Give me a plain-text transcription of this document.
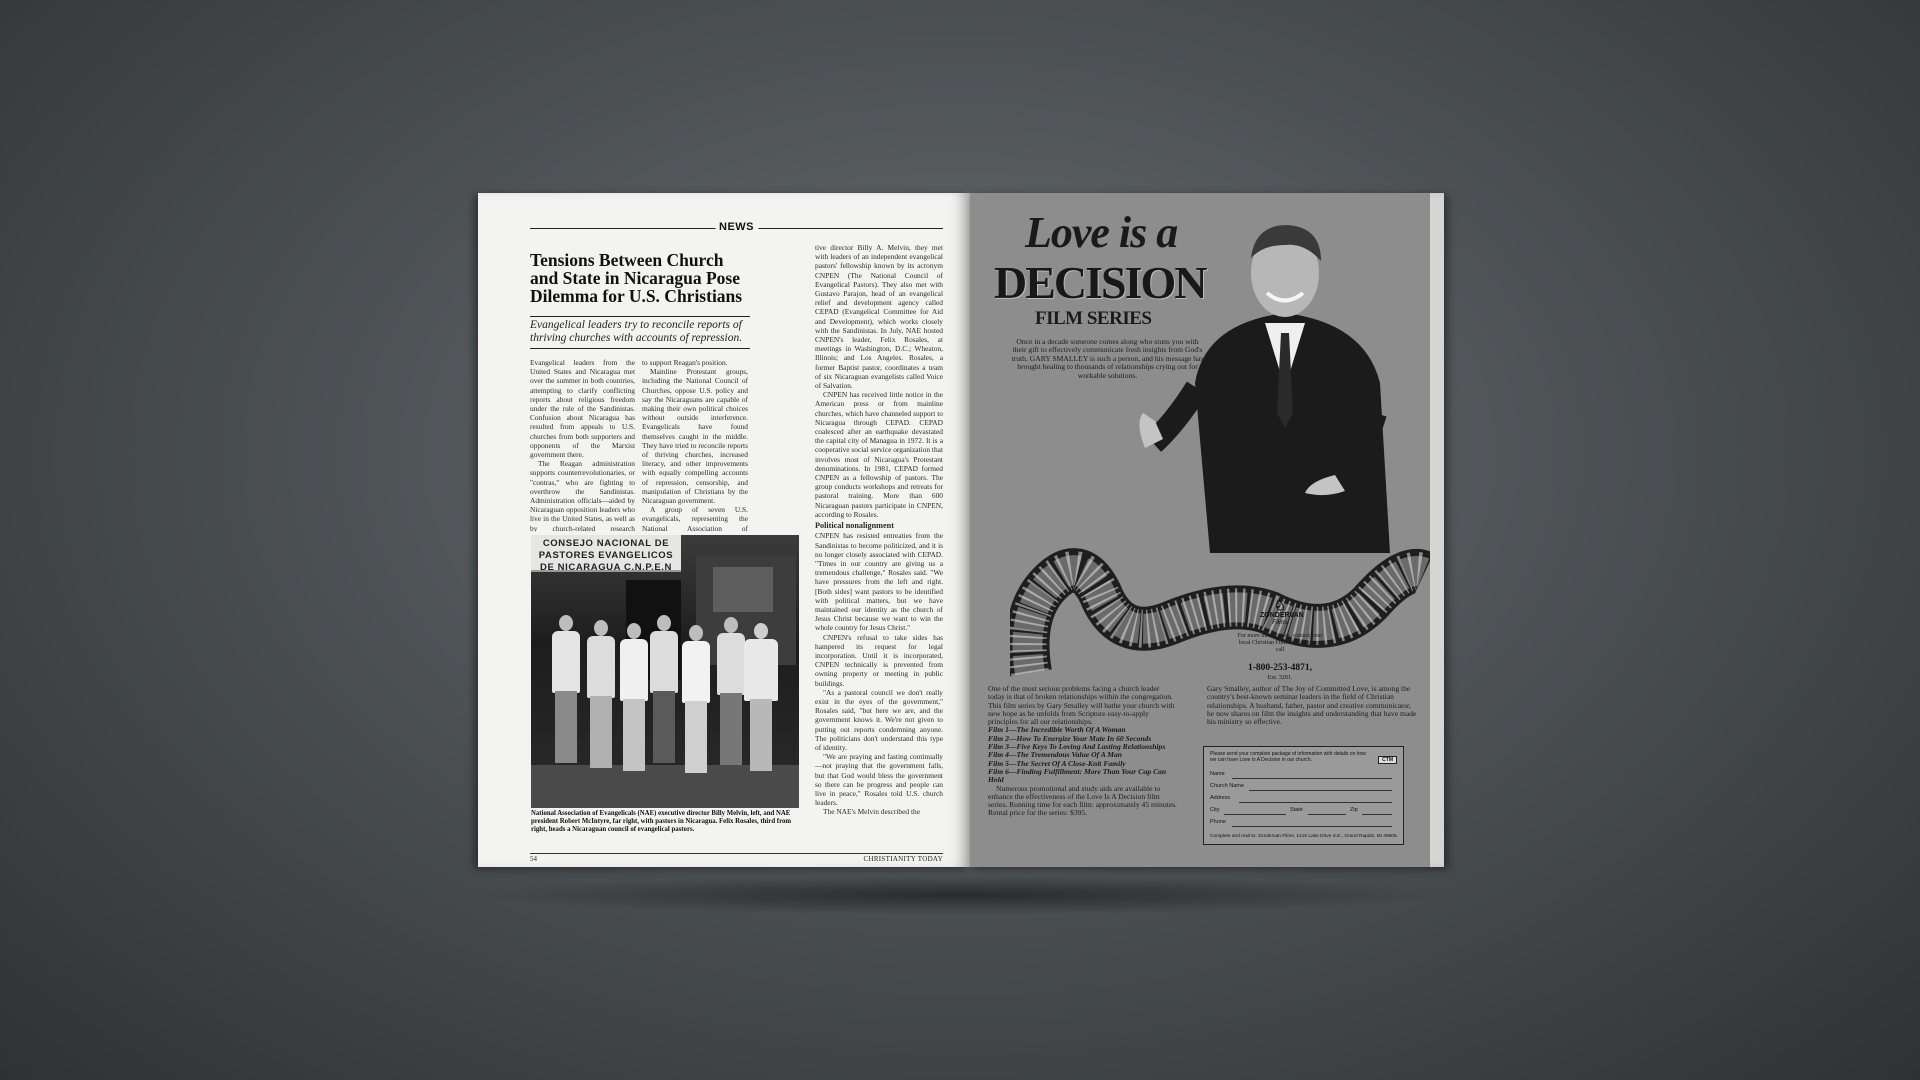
NEWS
Tensions Between Church and State in Nicaragua Pose Dilemma for U.S. Christians

Evangelical leaders try to reconcile reports of thriving churches with accounts of repression.

Evangelical leaders from the United States and Nicaragua met over the summer in both countries, attempting to clarify conflicting reports about religious freedom under the rule of the Sandinistas. Confusion about Nicaragua has resulted from appeals to U.S. churches from both supporters and opponents of the Marxist government there.

The Reagan administration supports counterrevolutionaries, or "contras," who are fighting to overthrow the Sandinistas. Administration officials—aided by Nicaraguan opposition leaders who live in the United States, as well as by church-related research

to support Reagan's position.

Mainline Protestant groups, including the National Council of Churches, oppose U.S. policy and say the Nicaraguans are capable of making their own political choices without outside interference. Evangelicals have found themselves caught in the middle. They have tried to reconcile reports of thriving churches, increased literacy, and other improvements with equally compelling accounts of repression, censorship, and manipulation of Christians by the Nicaraguan government.

A group of seven U.S. evangelicals, representing the National Association of

tive director Billy A. Melvin, they met with leaders of an independent evangelical pastors' fellowship known by its acronym CNPEN (The National Council of Evangelical Pastors). They also met with Gustavo Parajon, head of an evangelical relief and development agency called CEPAD (Evangelical Committee for Aid and Development), which works closely with the Sandinistas. In July, NAE hosted CNPEN's leader, Felix Rosales, at meetings in Washington, D.C.; Wheaton, Illinois; and Los Angeles. Rosales, a former Baptist pastor, coordinates a team of six Nicaraguan evangelists called Voice of Salvation.

CNPEN has received little notice in the American press or from mainline churches, which have channeled support to Nicaragua through CEPAD. CEPAD coalesced after an earthquake devastated the capital city of Managua in 1972. It is a cooperative social service organization that involves most of Nicaragua's Protestant denominations. In 1981, CEPAD formed CNPEN as a fellowship of pastors. The group conducts workshops and retreats for pastoral training. More than 600 Nicaraguan pastors participate in CNPEN, according to Rosales.

Political nonalignment

CNPEN has resisted entreaties from the Sandinistas to become politicized, and it is no longer closely associated with CEPAD. "Times in our country are giving us a tremendous challenge," Rosales said. "We have pressures from the left and right. [Both sides] want pastors to be identified with political matters, but we have maintained our identity as the church of Jesus Christ because we want to win the whole country for Jesus Christ."

CNPEN's refusal to take sides has hampered its request for legal incorporation. Until it is incorporated, CNPEN technically is prevented from owning property or meeting in public buildings.

"As a pastoral council we don't really exist in the eyes of the government," Rosales said, "but here we are, and the government knows it. We're not given to putting out reports condemning anyone. The politicians don't understand this type of identity.

"We are praying and fasting continually—not praying that the government falls, but that God would bless the government so there can be progress and people can live in peace," Rosales told U.S. church leaders.

The NAE's Melvin described the

CONSEJO NACIONAL DE
PASTORES EVANGELICOS
DE NICARAGUA C.N.P.E.N

National Association of Evangelicals (NAE) executive director Billy Melvin, left, and NAE president Robert McIntyre, far right, with pastors in Nicaragua. Felix Rosales, third from right, heads a Nicaraguan council of evangelical pastors.

54	CHRISTIANITY TODAY
Love is a
DECISION
FILM SERIES

Once in a decade someone comes along who stuns you with their gift to effectively communicate fresh insights from God's truth. GARY SMALLEY is such a person, and his message has brought healing to thousands of relationships crying out for workable solutions.

♘
ZONDERVAN
Films

For more information, contact your local Christian Film Distributor or call

1-800-253-4871,

Ext. 3201.

One of the most serious problems facing a church leader today is that of broken relationships within the congregation. This film series by Gary Smalley will bathe your church with new hope as he unfolds from Scripture easy-to-apply principles for all our relationships.

Film 1—The Incredible Worth Of A Woman

Film 2—How To Energize Your Mate In 60 Seconds

Film 3—Five Keys To Loving And Lasting Relationships

Film 4—The Tremendous Value Of A Man

Film 5—The Secret Of A Close-Knit Family

Film 6—Finding Fulfillment: More Than Your Cup Can Hold

Numerous promotional and study aids are available to enhance the effectiveness of the Love Is A Decision film series. Running time for each film: approximately 45 minutes. Rental price for the series: $395.

Gary Smalley, author of The Joy of Committed Love, is among the country's best-known seminar leaders in the field of Christian relationships. A husband, father, pastor and creative communicator, he now shares on film the insights and understanding that have made his ministry so effective.

Please send your complete package of information with details on how we can have Love Is A Decision in our church.	CTM
Name
Church Name
Address
City	State	Zip
Phone
Complete and mail to: Zondervan Films, 1415 Lake Drive S.E., Grand Rapids, MI 49506.
